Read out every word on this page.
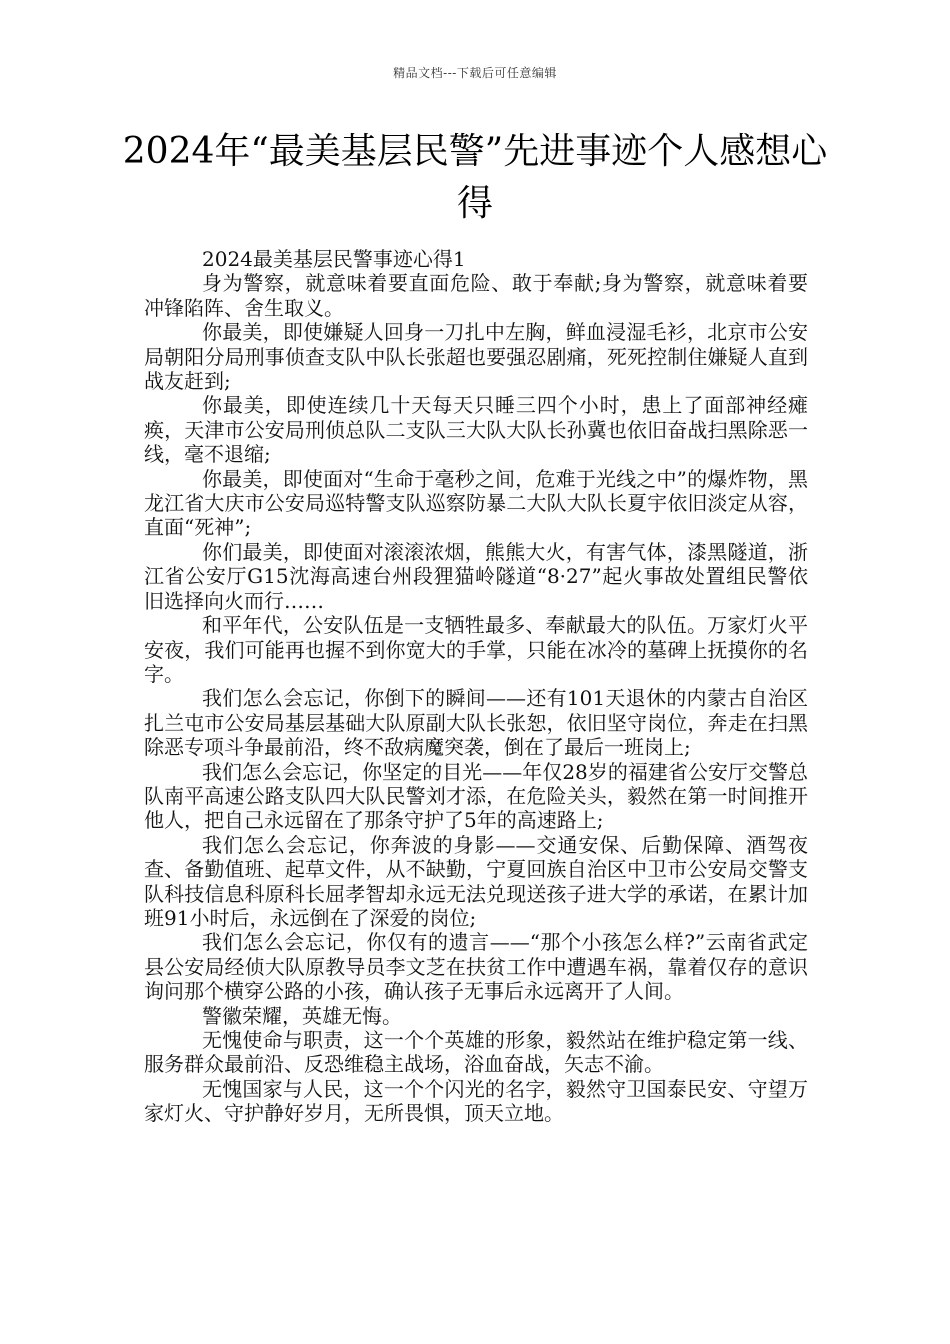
精品文档---下载后可任意编辑
2024年“最美基层民警”先进事迹个人感想心得

2024最美基层民警事迹心得1

身为警察，就意味着要直面危险、敢于奉献;身为警察，就意味着要冲锋陷阵、舍生取义。

你最美，即使嫌疑人回身一刀扎中左胸，鲜血浸湿毛衫，北京市公安局朝阳分局刑事侦查支队中队长张超也要强忍剧痛，死死控制住嫌疑人直到战友赶到;

你最美，即使连续几十天每天只睡三四个小时，患上了面部神经瘫痪，天津市公安局刑侦总队二支队三大队大队长孙冀也依旧奋战扫黑除恶一线，毫不退缩;

你最美，即使面对“生命于毫秒之间，危难于光线之中”的爆炸物，黑龙江省大庆市公安局巡特警支队巡察防暴二大队大队长夏宇依旧淡定从容，直面“死神”;

你们最美，即使面对滚滚浓烟，熊熊大火，有害气体，漆黑隧道，浙江省公安厅G15沈海高速台州段狸猫岭隧道“8·27”起火事故处置组民警依旧选择向火而行……

和平年代，公安队伍是一支牺牲最多、奉献最大的队伍。万家灯火平安夜，我们可能再也握不到你宽大的手掌，只能在冰冷的墓碑上抚摸你的名字。

我们怎么会忘记，你倒下的瞬间——还有101天退休的内蒙古自治区扎兰屯市公安局基层基础大队原副大队长张恕，依旧坚守岗位，奔走在扫黑除恶专项斗争最前沿，终不敌病魔突袭，倒在了最后一班岗上;

我们怎么会忘记，你坚定的目光——年仅28岁的福建省公安厅交警总队南平高速公路支队四大队民警刘才添，在危险关头，毅然在第一时间推开他人，把自己永远留在了那条守护了5年的高速路上;

我们怎么会忘记，你奔波的身影——交通安保、后勤保障、酒驾夜查、备勤值班、起草文件，从不缺勤，宁夏回族自治区中卫市公安局交警支队科技信息科原科长屈孝智却永远无法兑现送孩子进大学的承诺，在累计加班91小时后，永远倒在了深爱的岗位;

我们怎么会忘记，你仅有的遗言——“那个小孩怎么样?”云南省武定县公安局经侦大队原教导员李文芝在扶贫工作中遭遇车祸，靠着仅存的意识询问那个横穿公路的小孩，确认孩子无事后永远离开了人间。

警徽荣耀，英雄无悔。

无愧使命与职责，这一个个英雄的形象，毅然站在维护稳定第一线、服务群众最前沿、反恐维稳主战场，浴血奋战，矢志不渝。

无愧国家与人民，这一个个闪光的名字，毅然守卫国泰民安、守望万家灯火、守护静好岁月，无所畏惧，顶天立地。
